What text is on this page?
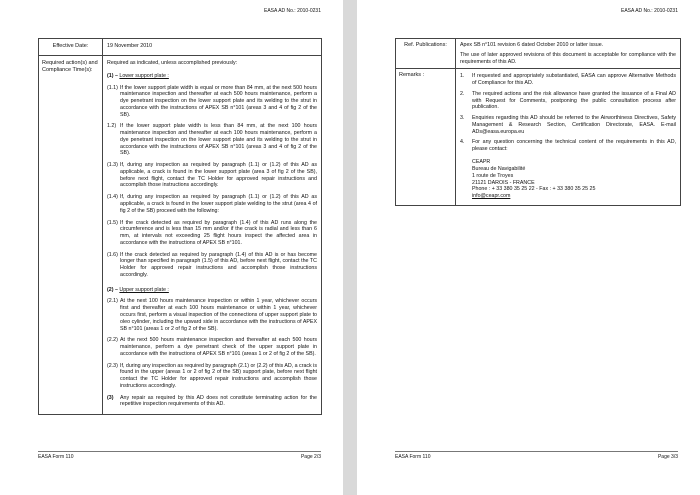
EASA AD No.: 2010-0231
Effective Date:	19 November 2010
Required action(s) and Compliance Time(s):
Required as indicated, unless accomplished previously:
(1) – Lower support plate :
(1.1) If the lower support plate width is equal or more than 84 mm, at the next 500 hours maintenance inspection and thereafter at each 500 hours maintenance, perform a dye penetrant inspection on the lower support plate and its welding to the strut in accordance with the instructions of APEX SB n°101 (areas 3 and 4 of fig 2 of the SB).
1.2) If the lower support plate width is less than 84 mm, at the next 100 hours maintenance inspection and thereafter at each 100 hours maintenance, perform a dye penetrant inspection on the lower support plate and its welding to the strut in accordance with the instructions of APEX SB n°101 (areas 3 and 4 of fig 2 of the SB).
(1.3) If, during any inspection as required by paragraph (1.1) or (1.2) of this AD as applicable, a crack is found in the lower support plate (area 3 of fig 2 of the SB), before next flight, contact the TC Holder for approved repair instructions and accomplish those instructions accordingly.
(1.4) If, during any inspection as required by paragraph (1.1) or (1.2) of this AD as applicable, a crack is found in the lower support plate welding to the strut (area 4 of fig 2 of the SB) proceed with the following:
(1.5) If the crack detected as required by paragraph (1.4) of this AD runs along the circumference and is less than 15 mm and/or if the crack is radial and less than 6 mm, at intervals not exceeding 25 flight hours inspect the affected area in accordance with the instructions of APEX SB n°101.
(1.6) If the crack detected as required by paragraph (1.4) of this AD is or has become longer than specified in paragraph (1.5) of this AD, before next flight, contact the TC Holder for approved repair instructions and accomplish those instructions accordingly.
(2) – Upper support plate :
(2.1) At the next 100 hours maintenance inspection or within 1 year, whichever occurs first and thereafter at each 100 hours maintenance or within 1 year, whichever occurs first, perform a visual inspection of the connections of upper support plate to oleo cylinder, including the upward side in accordance with the instructions of APEX SB n°101 (areas 1 or 2 of fig 2 of the SB).
(2.2) At the next 500 hours maintenance inspection and thereafter at each 500 hours maintenance, perform a dye penetrant check of the upper support plate in accordance with the instructions of APEX SB n°101 (areas 1 or 2 of fig 2 of the SB).
(2.3) If, during any inspection as required by paragraph (2.1) or (2.2) of this AD, a crack is found in the upper (areas 1 or 2 of fig 2 of the SB) support plate, before next flight contact the TC Holder for approved repair instructions and accomplish those instructions accordingly.
(3)	Any repair as required by this AD does not constitute terminating action for the repetitive inspection requirements of this AD.
EASA Form 110	Page 2/3
EASA AD No.: 2010-0231
Ref. Publications:	Apex SB n°101 revision 6 dated October 2010 or latter issue.
The use of later approved revisions of this document is acceptable for compliance with the requirements of this AD.
Remarks :	1.	If requested and appropriately substantiated, EASA can approve Alternative Methods of Compliance for this AD.
2.	The required actions and the risk allowance have granted the issuance of a Final AD with Request for Comments, postponing the public consultation process after publication.
3.	Enquiries regarding this AD should be referred to the Airworthiness Directives, Safety Management & Research Section, Certification Directorate, EASA. E-mail ADs@easa.europa.eu
4.	For any question concerning the technical content of the requirements in this AD, please contact:
CEAPR
Bureau de Navigabilité
1 route de Troyes
21121 DAROIS - FRANCE
Phone : + 33 380 35 25 22 - Fax : + 33 380 35 25 25
info@ceapr.com
EASA Form 110	Page 3/3
